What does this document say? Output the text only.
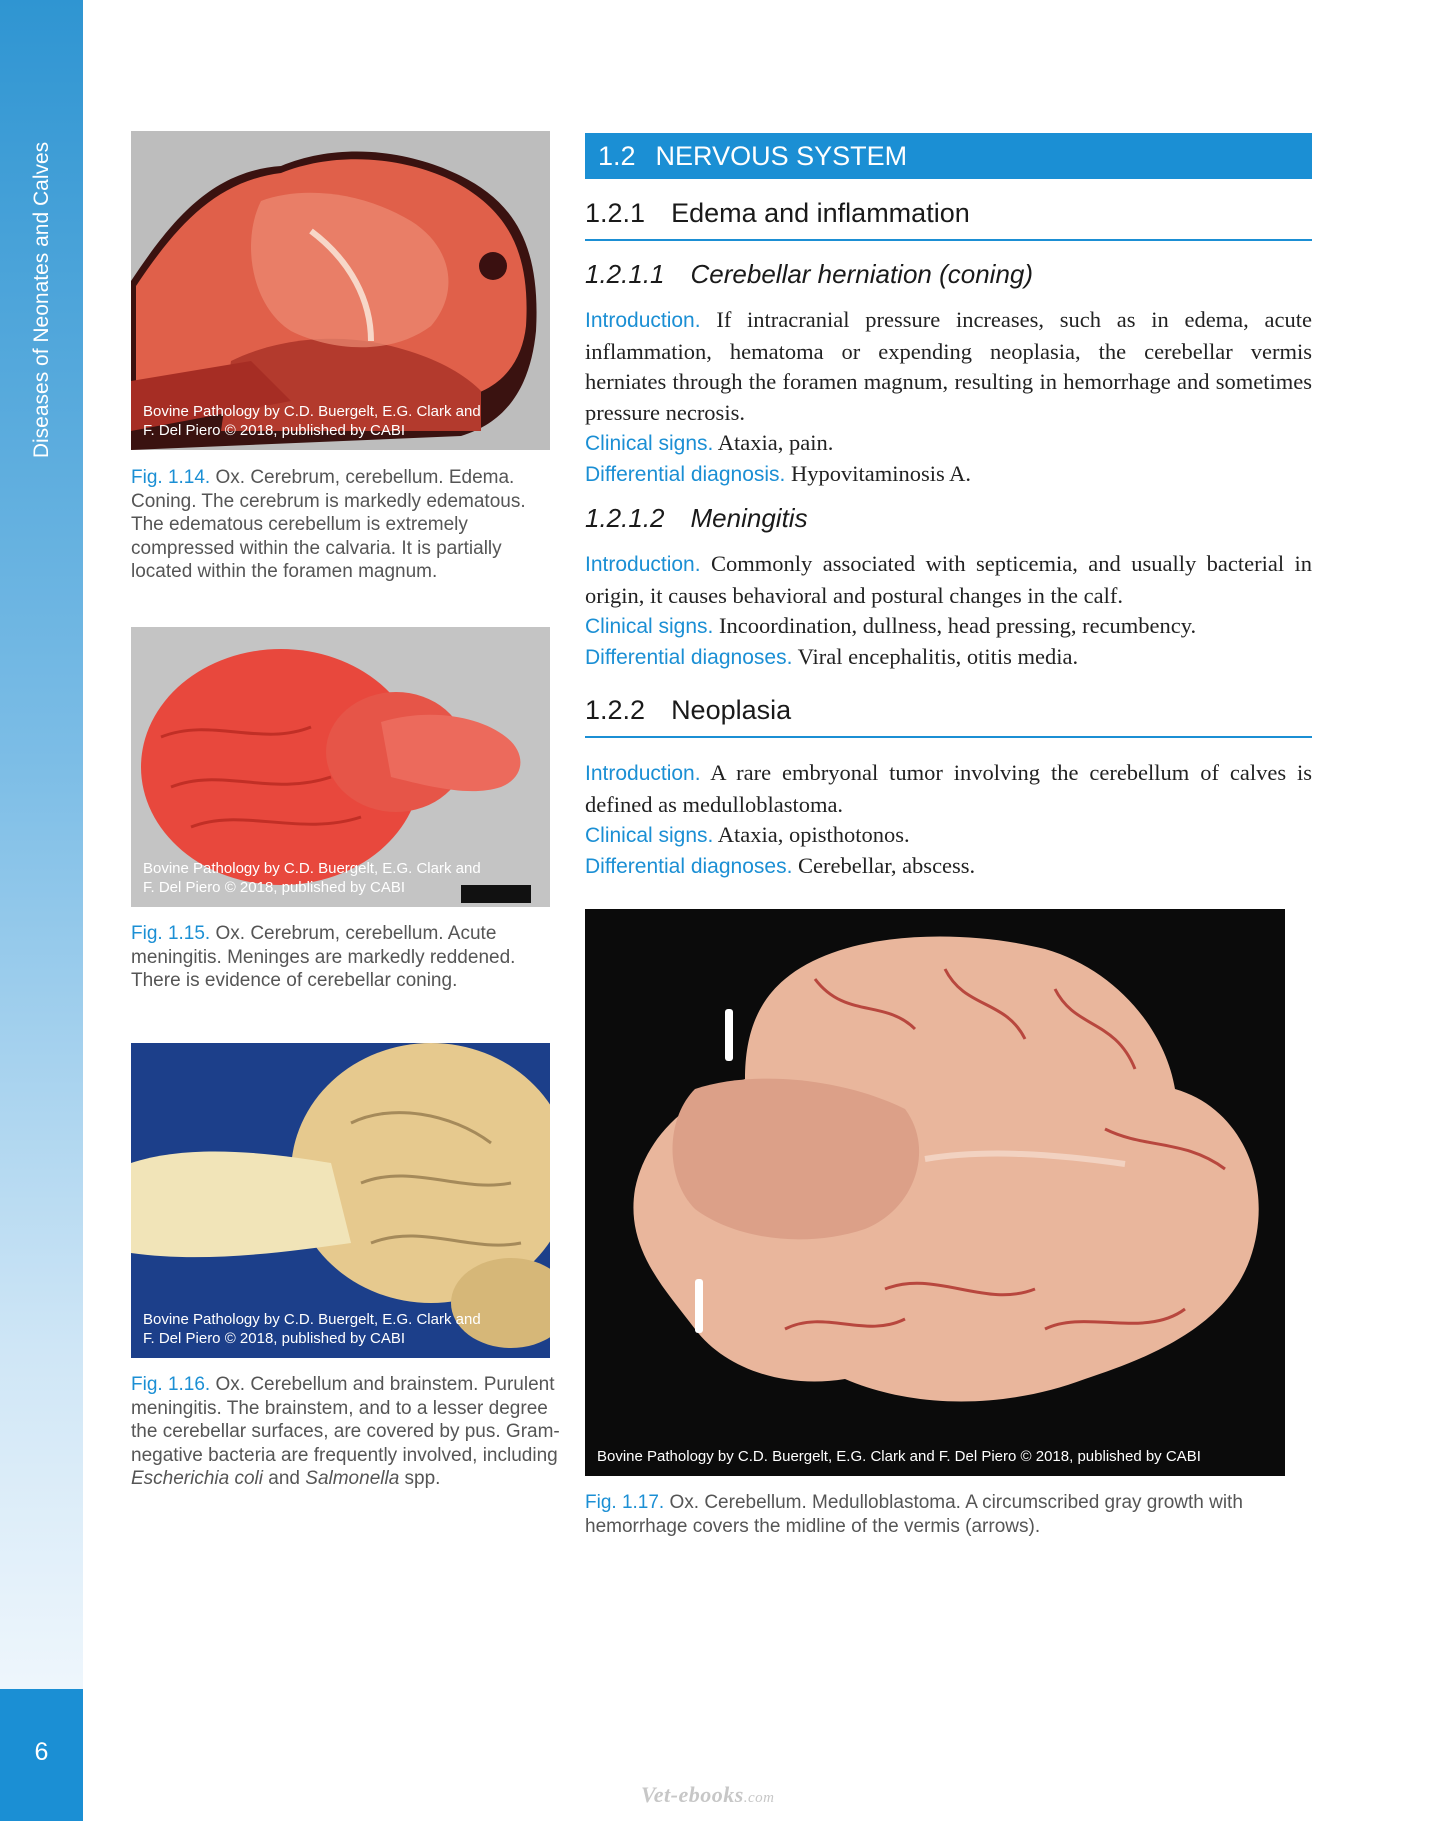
Diseases of Neonates and Calves
6
Bovine Pathology by C.D. Buergelt, E.G. Clark and
F. Del Piero © 2018, published by CABI
Fig. 1.14. Ox. Cerebrum, cerebellum. Edema. Coning. The cerebrum is markedly edematous. The edematous cerebellum is extremely compressed within the calvaria. It is partially located within the foramen magnum.
Bovine Pathology by C.D. Buergelt, E.G. Clark and
F. Del Piero © 2018, published by CABI
Fig. 1.15. Ox. Cerebrum, cerebellum. Acute meningitis. Meninges are markedly reddened. There is evidence of cerebellar coning.
Bovine Pathology by C.D. Buergelt, E.G. Clark and
F. Del Piero © 2018, published by CABI
Fig. 1.16. Ox. Cerebellum and brainstem. Purulent meningitis. The brainstem, and to a lesser degree the cerebellar surfaces, are covered by pus. Gram-negative bacteria are frequently involved, including Escherichia coli and Salmonella spp.
1.2 NERVOUS SYSTEM
1.2.1 Edema and inflammation
1.2.1.1 Cerebellar herniation (coning)
Introduction. If intracranial pressure increases, such as in edema, acute inflammation, hematoma or expending neoplasia, the cerebellar vermis herniates through the foramen magnum, resulting in hemorrhage and sometimes pressure necrosis.
Clinical signs. Ataxia, pain.
Differential diagnosis. Hypovitaminosis A.
1.2.1.2 Meningitis
Introduction. Commonly associated with septicemia, and usually bacterial in origin, it causes behavioral and postural changes in the calf.
Clinical signs. Incoordination, dullness, head pressing, recumbency.
Differential diagnoses. Viral encephalitis, otitis media.
1.2.2 Neoplasia
Introduction. A rare embryonal tumor involving the cerebellum of calves is defined as medulloblastoma.
Clinical signs. Ataxia, opisthotonos.
Differential diagnoses. Cerebellar, abscess.
Bovine Pathology by C.D. Buergelt, E.G. Clark and F. Del Piero © 2018, published by CABI
Fig. 1.17. Ox. Cerebellum. Medulloblastoma. A circumscribed gray growth with hemorrhage covers the midline of the vermis (arrows).
Vet-ebooks.com
